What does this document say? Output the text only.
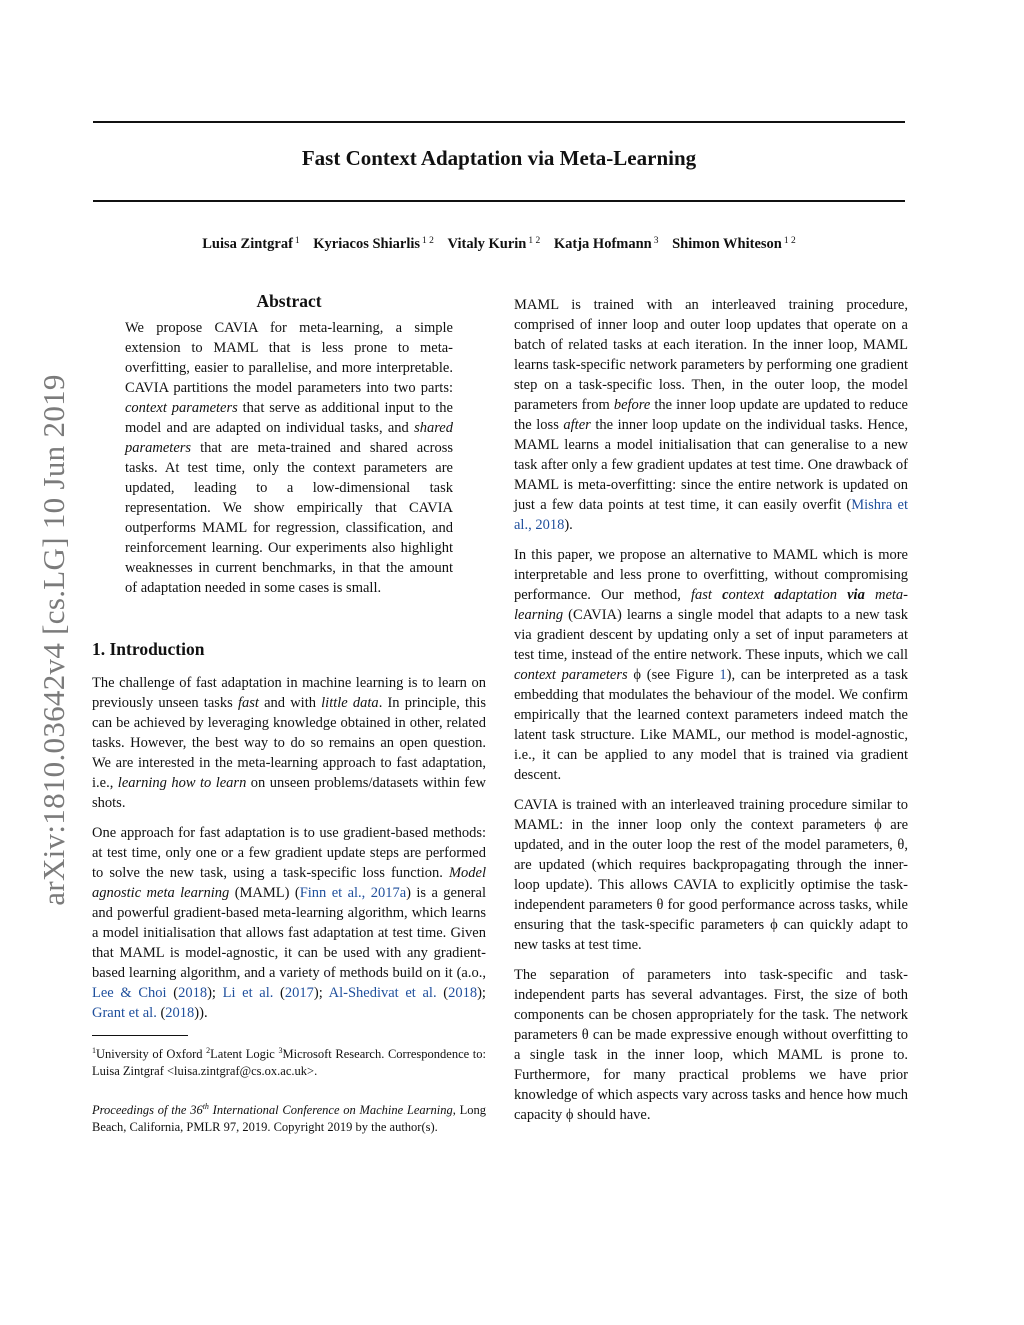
Fast Context Adaptation via Meta-Learning
Luisa Zintgraf $^1$ Kyriacos Shiarlis $^{1 2}$ Vitaly Kurin $^{1 2}$ Katja Hofmann $^3$ Shimon Whiteson $^{1 2}$
arXiv:1810.03642v4 [cs.LG] 10 Jun 2019
Abstract

We propose CAVIA for meta-learning, a simple extension to MAML that is less prone to meta-overfitting, easier to parallelise, and more interpretable. CAVIA partitions the model parameters into two parts: context parameters that serve as additional input to the model and are adapted on individual tasks, and shared parameters that are meta-trained and shared across tasks. At test time, only the context parameters are updated, leading to a low-dimensional task representation. We show empirically that CAVIA outperforms MAML for regression, classification, and reinforcement learning. Our experiments also highlight weaknesses in current benchmarks, in that the amount of adaptation needed in some cases is small.

1. Introduction

The challenge of fast adaptation in machine learning is to learn on previously unseen tasks fast and with little data. In principle, this can be achieved by leveraging knowledge obtained in other, related tasks. However, the best way to do so remains an open question. We are interested in the meta-learning approach to fast adaptation, i.e., learning how to learn on unseen problems/datasets within few shots.

One approach for fast adaptation is to use gradient-based methods: at test time, only one or a few gradient update steps are performed to solve the new task, using a task-specific loss function. Model agnostic meta learning (MAML) (Finn et al., 2017a) is a general and powerful gradient-based meta-learning algorithm, which learns a model initialisation that allows fast adaptation at test time. Given that MAML is model-agnostic, it can be used with any gradient-based learning algorithm, and a variety of methods build on it (a.o., Lee & Choi (2018); Li et al. (2017); Al-Shedivat et al. (2018); Grant et al. (2018)).

$^1$University of Oxford $^2$Latent Logic $^3$Microsoft Research. Correspondence to: Luisa Zintgraf <luisa.zintgraf@cs.ox.ac.uk>.

Proceedings of the 36th International Conference on Machine Learning, Long Beach, California, PMLR 97, 2019. Copyright 2019 by the author(s).

MAML is trained with an interleaved training procedure, comprised of inner loop and outer loop updates that operate on a batch of related tasks at each iteration. In the inner loop, MAML learns task-specific network parameters by performing one gradient step on a task-specific loss. Then, in the outer loop, the model parameters from before the inner loop update are updated to reduce the loss after the inner loop update on the individual tasks. Hence, MAML learns a model initialisation that can generalise to a new task after only a few gradient updates at test time. One drawback of MAML is meta-overfitting: since the entire network is updated on just a few data points at test time, it can easily overfit (Mishra et al., 2018).

In this paper, we propose an alternative to MAML which is more interpretable and less prone to overfitting, without compromising performance. Our method, fast context adaptation via meta-learning (CAVIA) learns a single model that adapts to a new task via gradient descent by updating only a set of input parameters at test time, instead of the entire network. These inputs, which we call context parameters ϕ (see Figure 1), can be interpreted as a task embedding that modulates the behaviour of the model. We confirm empirically that the learned context parameters indeed match the latent task structure. Like MAML, our method is model-agnostic, i.e., it can be applied to any model that is trained via gradient descent.

CAVIA is trained with an interleaved training procedure similar to MAML: in the inner loop only the context parameters ϕ are updated, and in the outer loop the rest of the model parameters, θ, are updated (which requires backpropagating through the inner-loop update). This allows CAVIA to explicitly optimise the task-independent parameters θ for good performance across tasks, while ensuring that the task-specific parameters ϕ can quickly adapt to new tasks at test time.

The separation of parameters into task-specific and task-independent parts has several advantages. First, the size of both components can be chosen appropriately for the task. The network parameters θ can be made expressive enough without overfitting to a single task in the inner loop, which MAML is prone to. Furthermore, for many practical problems we have prior knowledge of which aspects vary across tasks and hence how much capacity ϕ should have.
